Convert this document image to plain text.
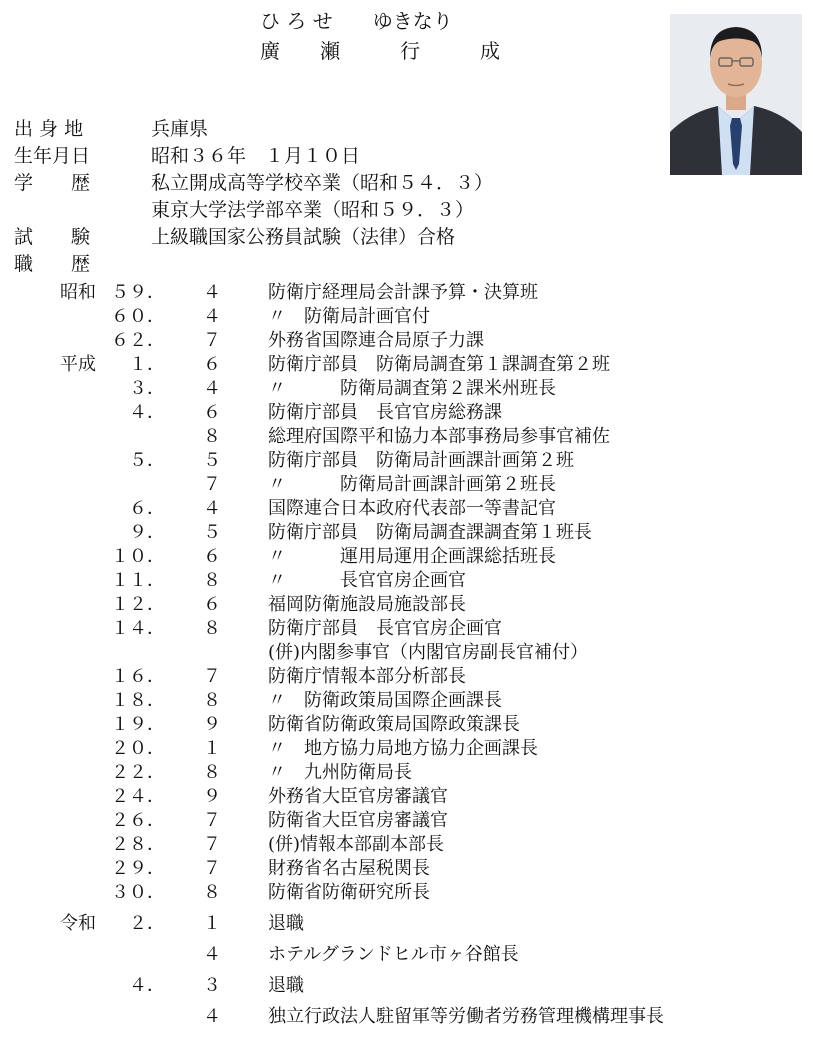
ひ ろ せ　　ゆきなり
廣　　瀬　　　行　　　成
出 身 地	兵庫県
生年月日	昭和３６年　１月１０日
学　　歴	私立開成高等学校卒業（昭和５４．３）
東京大学法学部卒業（昭和５９．３）
試　　験	上級職国家公務員試験（法律）合格
職　　歴
昭和 ５９． ４	防衛庁経理局会計課予算・決算班
６０． ４	〃　防衛局計画官付
６２． ７	外務省国際連合局原子力課
平成 １． ６	防衛庁部員　防衛局調査第１課調査第２班
３． ４	〃　　　防衛局調査第２課米州班長
４． ６	防衛庁部員　長官官房総務課
８	総理府国際平和協力本部事務局参事官補佐
５． ５	防衛庁部員　防衛局計画課計画第２班
７	〃　　　防衛局計画課計画第２班長
６． ４	国際連合日本政府代表部一等書記官
９． ５	防衛庁部員　防衛局調査課調査第１班長
１０． ６	〃　　　運用局運用企画課総括班長
１１． ８	〃　　　長官官房企画官
１２． ６	福岡防衛施設局施設部長
１４． ８	防衛庁部員　長官官房企画官
(併)内閣参事官（内閣官房副長官補付）
１６． ７	防衛庁情報本部分析部長
１８． ８	〃　防衛政策局国際企画課長
１９． ９	防衛省防衛政策局国際政策課長
２０． １	〃　地方協力局地方協力企画課長
２２． ８	〃　九州防衛局長
２４． ９	外務省大臣官房審議官
２６． ７	防衛省大臣官房審議官
２８． ７	(併)情報本部副本部長
２９． ７	財務省名古屋税関長
３０． ８	防衛省防衛研究所長
令和 ２． １	退職
４	ホテルグランドヒル市ヶ谷館長
４． ３	退職
４	独立行政法人駐留軍等労働者労務管理機構理事長
